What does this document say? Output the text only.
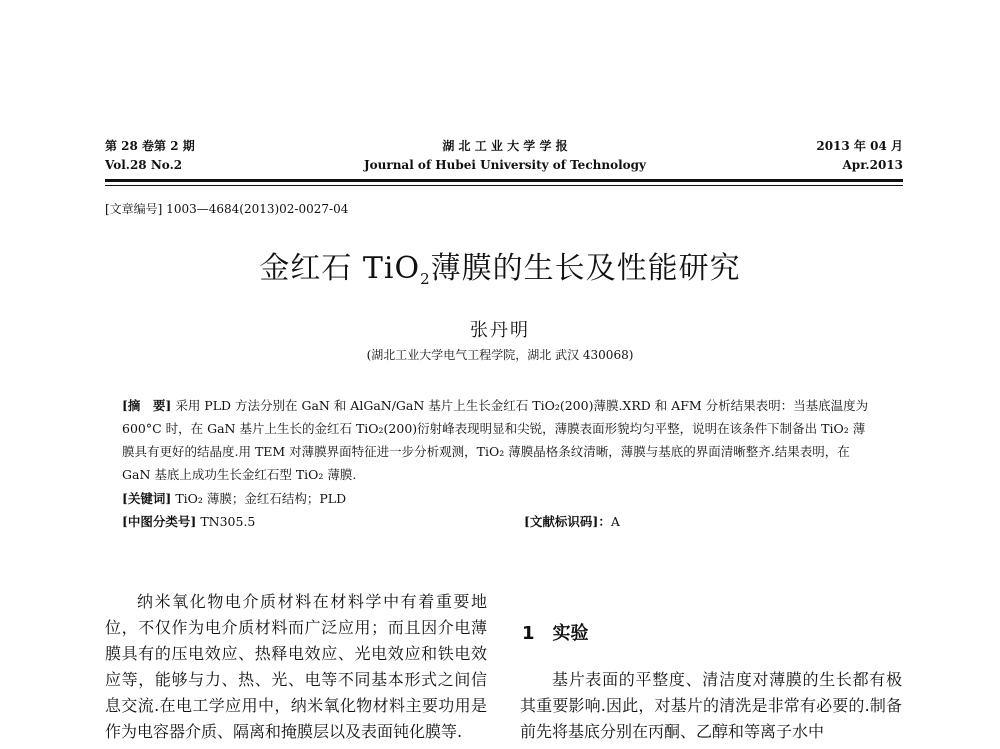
第 28 卷第 2 期
Vol.28 No.2
湖 北 工 业 大 学 学 报
Journal of Hubei University of Technology
2013 年 04 月
Apr.2013
[文章编号] 1003—4684(2013)02-0027-04
金红石 TiO$_2$薄膜的生长及性能研究
张丹明
(湖北工业大学电气工程学院，湖北 武汉 430068)
[摘　要] 采用 PLD 方法分别在 GaN 和 AlGaN/GaN 基片上生长金红石 TiO₂(200)薄膜.XRD 和 AFM 分析结果表明：当基底温度为 600°C 时，在 GaN 基片上生长的金红石 TiO₂(200)衍射峰表现明显和尖锐，薄膜表面形貌均匀平整，说明在该条件下制备出 TiO₂ 薄膜具有更好的结晶度.用 TEM 对薄膜界面特征进一步分析观测，TiO₂ 薄膜晶格条纹清晰，薄膜与基底的界面清晰整齐.结果表明，在 GaN 基底上成功生长金红石型 TiO₂ 薄膜.
[关键词] TiO₂ 薄膜；金红石结构；PLD
[中图分类号] TN305.5	[文献标识码]：A
纳米氧化物电介质材料在材料学中有着重要地位，不仅作为电介质材料而广泛应用；而且因介电薄膜具有的压电效应、热释电效应、光电效应和铁电效应等，能够与力、热、光、电等不同基本形式之间信息交流.在电工学应用中，纳米氧化物材料主要功用是作为电容器介质、隔离和掩膜层以及表面钝化膜等.
1 实验
基片表面的平整度、清洁度对薄膜的生长都有极其重要影响.因此，对基片的清洗是非常有必要的.制备前先将基底分别在丙酮、乙醇和等离子水中
